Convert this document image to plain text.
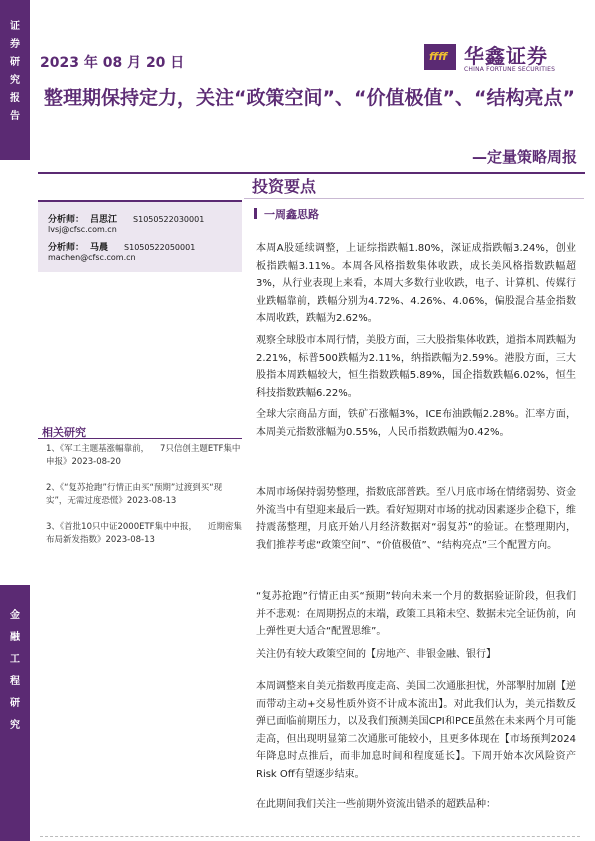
证
券
研
究
报
告
金
融
工
程
研
究
2023 年 08 月 20 日	ffff 华鑫证券
CHINA FORTUNE SECURITIES
整理期保持定力，关注“政策空间”、“价值极值”、“结构亮点”
—定量策略周报
投资要点
分析师： 吕思江 S1050522030001
lvsj@cfsc.com.cn
分析师： 马晨 S1050522050001
machen@cfsc.com.cn
相关研究
1、《军工主题基涨幅靠前，    7只信创主题ETF集中申报》2023-08-20
2、《“复苏抢跑”行情正由买“预期”过渡到买“现实”，无需过度恐慌》2023-08-13
3、《首批10只中证2000ETF集中申报，    近期密集布局新发指数》2023-08-13
一周鑫思路
本周A股延续调整，上证综指跌幅1.80%，深证成指跌幅3.24%，创业板指跌幅3.11%。本周各风格指数集体收跌，成长美风格指数跌幅超3%，从行业表现上来看，本周大多数行业收跌，电子、计算机、传媒行业跌幅靠前，跌幅分别为4.72%、4.26%、4.06%，偏股混合基金指数本周收跌，跌幅为2.62%。
观察全球股市本周行情，美股方面，三大股指集体收跌，道指本周跌幅为2.21%，标普500跌幅为2.11%，纳指跌幅为2.59%。港股方面，三大股指本周跌幅较大，恒生指数跌幅5.89%，国企指数跌幅6.02%，恒生科技指数跌幅6.22%。
全球大宗商品方面，铁矿石涨幅3%，ICE布油跌幅2.28%。汇率方面，本周美元指数涨幅为0.55%，人民币指数跌幅为0.42%。
本周市场保持弱势整理，指数底部普跌。至八月底市场在情绪弱势、资金外流当中有望迎来最后一跌。看好短期对市场的扰动因素逐步企稳下，维持震荡整理，月底开始八月经济数据对“弱复苏”的验证。在整理期内，我们推荐考虑“政策空间”、“价值极值”、“结构亮点”三个配置方向。
“复苏抢跑”行情正由买“预期”转向未来一个月的数据验证阶段，但我们并不悲观：在周期拐点的末端，政策工具箱未空、数据未完全证伪前，向上弹性更大适合“配置思维”。
关注仍有较大政策空间的【房地产、非银金融、银行】
本周调整来自美元指数再度走高、美国二次通胀担忧，外部掣肘加剧【逆而带动主动+交易性质外资不计成本流出】。对此我们认为，美元指数反弹已面临前期压力，以及我们预测美国CPI和PCE虽然在未来两个月可能走高，但出现明显第二次通胀可能较小，且更多体现在【市场预判2024年降息时点推后，而非加息时间和程度延长】。下周开始本次风险资产Risk Off有望逐步结束。
在此期间我们关注一些前期外资流出错杀的超跌品种：
